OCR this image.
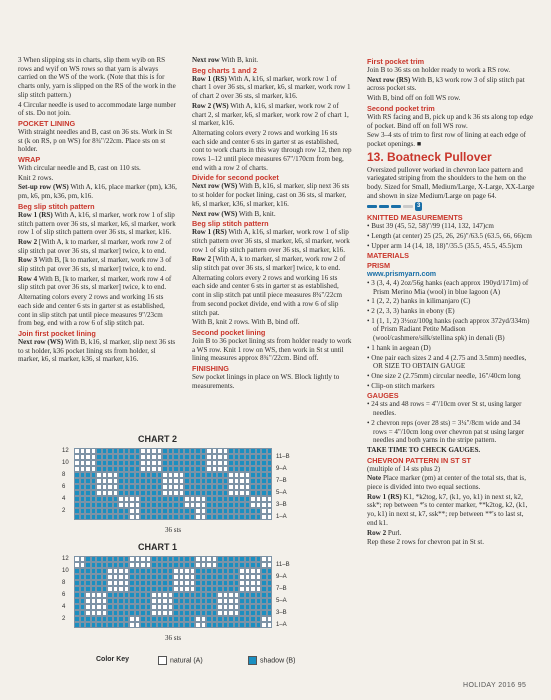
3 When slipping sts in charts, slip them wyib on RS rows and wyif on WS rows so that yarn is always carried on the WS of the work. (Note that this is for charts only, yarn is slipped on the RS of the work in the slip stitch pattern.)

4 Circular needle is used to accommodate large number of sts. Do not join.

POCKET LINING

With straight needles and B, cast on 36 sts. Work in St st (k on RS, p on WS) for 8¾"/22cm. Place sts on st holder.

WRAP

With circular needle and B, cast on 110 sts.

Knit 2 rows.

Set-up row (WS) With A, k16, place marker (pm), k36, pm, k6, pm, k36, pm, k16.

Beg slip stitch pattern

Row 1 (RS) With A, k16, sl marker, work row 1 of slip stitch pattern over 36 sts, sl marker, k6, sl marker, work row 1 of slip stitch pattern over 36 sts, sl marker, k16.

Row 2 [With A, k to marker, sl marker, work row 2 of slip stitch pat over 36 sts, sl marker] twice, k to end.

Row 3 With B, [k to marker, sl marker, work row 3 of slip stitch pat over 36 sts, sl marker] twice, k to end.

Row 4 With B, [k to marker, sl marker, work row 4 of slip stitch pat over 36 sts, sl marker] twice, k to end.

Alternating colors every 2 rows and working 16 sts each side and center 6 sts in garter st as established, cont in slip stitch pat until piece measures 9"/23cm from beg, end with a row 6 of slip stitch pat.

Join first pocket lining

Next row (WS) With B, k16, sl marker, slip next 36 sts to st holder, k36 pocket lining sts from holder, sl marker, k6, sl marker, k36, sl marker, k16.

Next row With B, knit.

Beg charts 1 and 2

Row 1 (RS) With A, k16, sl marker, work row 1 of chart 1 over 36 sts, sl marker, k6, sl marker, work row 1 of chart 2 over 36 sts, sl marker, k16.

Row 2 (WS) With A, k16, sl marker, work row 2 of chart 2, sl marker, k6, sl marker, work row 2 of chart 1, sl marker, k16.

Alternating colors every 2 rows and working 16 sts each side and center 6 sts in garter st as established, cont to work charts in this way through row 12, then rep rows 1–12 until piece measures 67"/170cm from beg, end with a row 2 of charts.

Divide for second pocket

Next row (WS) With B, k16, sl marker, slip next 36 sts to st holder for pocket lining, cast on 36 sts, sl marker, k6, sl marker, k36, sl marker, k16.

Next row (WS) With B, knit.

Beg slip stitch pattern

Row 1 (RS) With A, k16, sl marker, work row 1 of slip stitch pattern over 36 sts, sl marker, k6, sl marker, work row 1 of slip stitch pattern over 36 sts, sl marker, k16.

Row 2 [With A, k to marker, sl marker, work row 2 of slip stitch pat over 36 sts, sl marker] twice, k to end.

Alternating colors every 2 rows and working 16 sts each side and center 6 sts in garter st as established, cont in slip stitch pat until piece measures 8¾"/22cm from second pocket divide, end with a row 6 of slip stitch pat.

With B, knit 2 rows. With B, bind off.

Second pocket lining

Join B to 36 pocket lining sts from holder ready to work a WS row. Knit 1 row on WS, then work in St st until lining measures approx 8¾"/22cm. Bind off.

FINISHING

Sew pocket linings in place on WS. Block lightly to measurements.

First pocket trim

Join B to 36 sts on holder ready to work a RS row.

Next row (RS) With B, k3 work row 3 of slip stitch pat across pocket sts.

With B, bind off on foll WS row.

Second pocket trim

With RS facing and B, pick up and k 36 sts along top edge of pocket. Bind off on foll WS row.

Sew 3–4 sts of trim to first row of lining at each edge of pocket openings. ■

13. Boatneck Pullover

Oversized pullover worked in chevron lace pattern and variegated striping from the shoulders to the hem on the body. Sized for Small, Medium/Large, X-Large, XX-Large and shown in size Medium/Large on page 64.

3
KNITTED MEASUREMENTS

• Bust 39 (45, 52, 58)"/99 (114, 132, 147)cm

• Length (at center) 25 (25, 26, 26)"/63.5 (63.5, 66, 66)cm

• Upper arm 14 (14, 18, 18)"/35.5 (35.5, 45.5, 45.5)cm

MATERIALS
PRISM
www.prismyarn.com

• 3 (3, 4, 4) 2oz/56g hanks (each approx 190yd/171m) of Prism Merino Mia (wool) in blue lagoon (A)

• 1 (2, 2, 2) hanks in kilimanjaro (C)

• 2 (2, 3, 3) hanks in ebony (E)

• 1 (1, 1, 2) 3½oz/100g hanks (each approx 372yd/334m) of Prism Radiant Petite Madison (wool/cashmere/silk/stellina spk) in denali (B)

• 1 hank in aegean (D)

• One pair each sizes 2 and 4 (2.75 and 3.5mm) needles, OR SIZE TO OBTAIN GAUGE

• One size 2 (2.75mm) circular needle, 16"/40cm long

• Clip-on stitch markers

GAUGES

• 24 sts and 48 rows = 4"/10cm over St st, using larger needles.

• 2 chevron reps (over 28 sts) = 3¼"/8cm wide and 34 rows = 4"/10cm long over chevron pat st using larger needles and both yarns in the stripe pattern.

TAKE TIME TO CHECK GAUGES.

CHEVRON PATTERN IN ST ST

(multiple of 14 sts plus 2)

Note Place marker (pm) at center of the total sts, that is, piece is divided into two equal sections.

Row 1 (RS) K1, *k2tog, k7, (k1, yo, k1) in next st, k2, ssk*; rep between *'s to center marker, **k2tog, k2, (k1, yo, k1) in next st, k7, ssk**; rep between **'s to last st, end k1.

Row 2 Purl.

Rep these 2 rows for chevron pat in St st.

CHART 2
12
10
8
6
4
2
11–B
9–A
7–B
5–A
3–B
1–A
36 sts
CHART 1
12
10
8
6
4
2
11–B
9–A
7–B
5–A
3–B
1–A
36 sts
Color Key	natural (A)	shadow (B)
HOLIDAY 2016 95
